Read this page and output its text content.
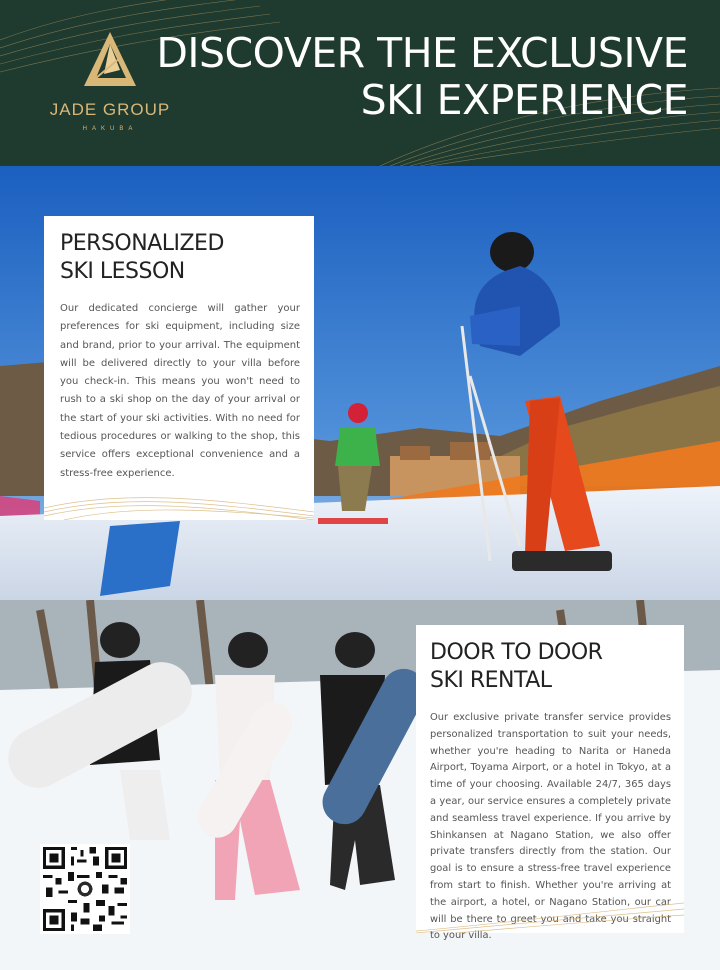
JADE GROUP
HAKUBA
DISCOVER THE EXCLUSIVE
SKI EXPERIENCE
PERSONALIZED
SKI LESSON

Our dedicated concierge will gather your preferences for ski equipment, including size and brand, prior to your arrival. The equipment will be delivered directly to your villa before you check-in. This means you won't need to rush to a ski shop on the day of your arrival or the start of your ski activities. With no need for tedious procedures or walking to the shop, this service offers exceptional convenience and a stress-free experience.

DOOR TO DOOR
SKI RENTAL

Our exclusive private transfer service provides personalized transportation to suit your needs, whether you're heading to Narita or Haneda Airport, Toyama Airport, or a hotel in Tokyo, at a time of your choosing. Available 24/7, 365 days a year, our service ensures a completely private and seamless travel experience. If you arrive by Shinkansen at Nagano Station, we also offer private transfers directly from the station. Our goal is to ensure a stress-free travel experience from start to finish. Whether you're arriving at the airport, a hotel, or Nagano Station, our car will be there to greet you and take you straight to your villa.
